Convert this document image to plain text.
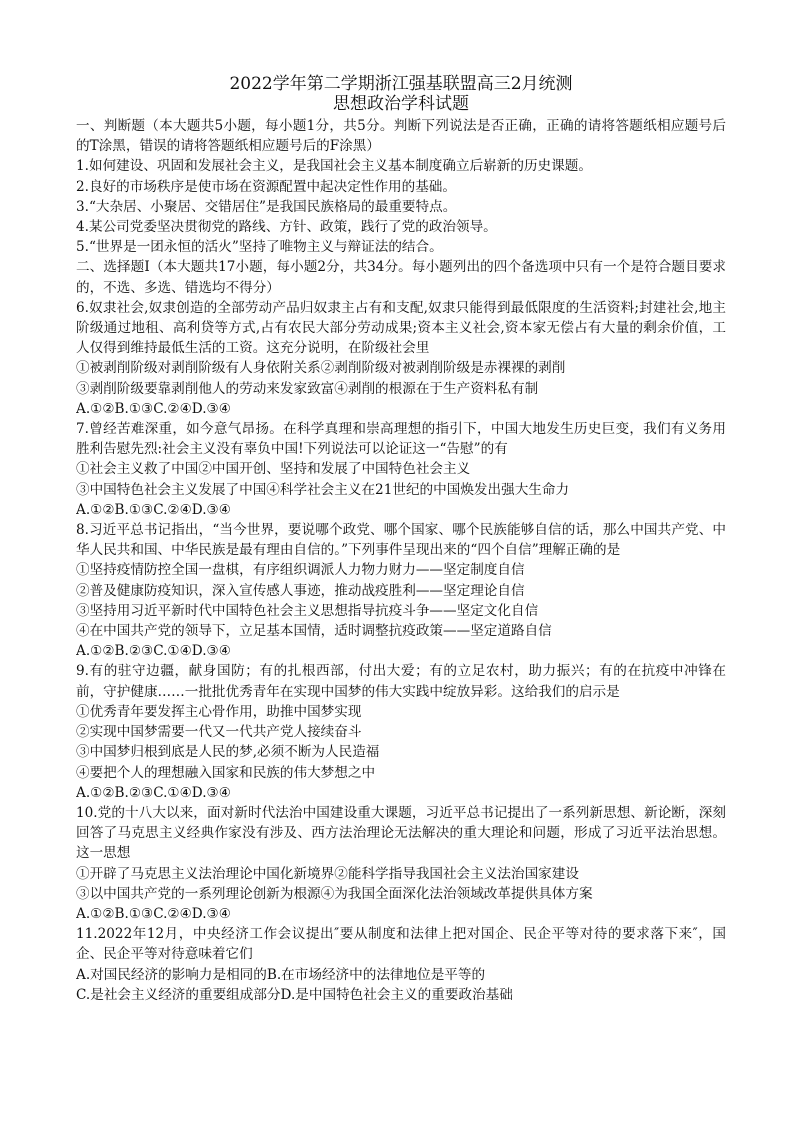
2022学年第二学期浙江强基联盟高三2月统测

思想政治学科试题

一、判断题（本大题共5小题，每小题1分，共5分。判断下列说法是否正确，正确的请将答题纸相应题号后的T涂黑，错误的请将答题纸相应题号后的F涂黑）

1.如何建设、巩固和发展社会主义，是我国社会主义基本制度确立后崭新的历史课题。

2.良好的市场秩序是使市场在资源配置中起决定性作用的基础。

3.“大杂居、小聚居、交错居住”是我国民族格局的最重要特点。

4.某公司党委坚决贯彻党的路线、方针、政策，践行了党的政治领导。

5.“世界是一团永恒的活火”坚持了唯物主义与辩证法的结合。

二、选择题Ⅰ（本大题共17小题，每小题2分，共34分。每小题列出的四个备选项中只有一个是符合题目要求的，不选、多选、错选均不得分）

6.奴隶社会,奴隶创造的全部劳动产品归奴隶主占有和支配,奴隶只能得到最低限度的生活资料;封建社会,地主阶级通过地租、高利贷等方式,占有农民大部分劳动成果;资本主义社会,资本家无偿占有大量的剩余价值，工人仅得到维持最低生活的工资。这充分说明，在阶级社会里

①被剥削阶级对剥削阶级有人身依附关系②剥削阶级对被剥削阶级是赤裸裸的剥削

③剥削阶级要靠剥削他人的劳动来发家致富④剥削的根源在于生产资料私有制

A.①②B.①③C.②④D.③④

7.曾经苦难深重，如今意气昂扬。在科学真理和崇高理想的指引下，中国大地发生历史巨变，我们有义务用胜利告慰先烈:社会主义没有辜负中国!下列说法可以论证这一“告慰”的有

①社会主义救了中国②中国开创、坚持和发展了中国特色社会主义

③中国特色社会主义发展了中国④科学社会主义在21世纪的中国焕发出强大生命力

A.①②B.①③C.②④D.③④

8.习近平总书记指出，“当今世界，要说哪个政党、哪个国家、哪个民族能够自信的话，那么中国共产党、中华人民共和国、中华民族是最有理由自信的。”下列事件呈现出来的“四个自信”理解正确的是

①坚持疫情防控全国一盘棋，有序组织调派人力物力财力——坚定制度自信

②普及健康防疫知识，深入宣传感人事迹，推动战疫胜利——坚定理论自信

③坚持用习近平新时代中国特色社会主义思想指导抗疫斗争——坚定文化自信

④在中国共产党的领导下，立足基本国情，适时调整抗疫政策——坚定道路自信

A.①②B.②③C.①④D.③④

9.有的驻守边疆，献身国防；有的扎根西部，付出大爱；有的立足农村，助力振兴；有的在抗疫中冲锋在前，守护健康……一批批优秀青年在实现中国梦的伟大实践中绽放异彩。这给我们的启示是

①优秀青年要发挥主心骨作用，助推中国梦实现

②实现中国梦需要一代又一代共产党人接续奋斗

③中国梦归根到底是人民的梦,必须不断为人民造福

④要把个人的理想融入国家和民族的伟大梦想之中

A.①②B.②③C.①④D.③④

10.党的十八大以来，面对新时代法治中国建设重大课题，习近平总书记提出了一系列新思想、新论断，深刻回答了马克思主义经典作家没有涉及、西方法治理论无法解决的重大理论和问题，形成了习近平法治思想。这一思想

①开辟了马克思主义法治理论中国化新境界②能科学指导我国社会主义法治国家建设

③以中国共产党的一系列理论创新为根源④为我国全面深化法治领域改革提供具体方案

A.①②B.①③C.②④D.③④

11.2022年12月，中央经济工作会议提出″要从制度和法律上把对国企、民企平等对待的要求落下来″，国企、民企平等对待意味着它们

A.对国民经济的影响力是相同的B.在市场经济中的法律地位是平等的

C.是社会主义经济的重要组成部分D.是中国特色社会主义的重要政治基础
